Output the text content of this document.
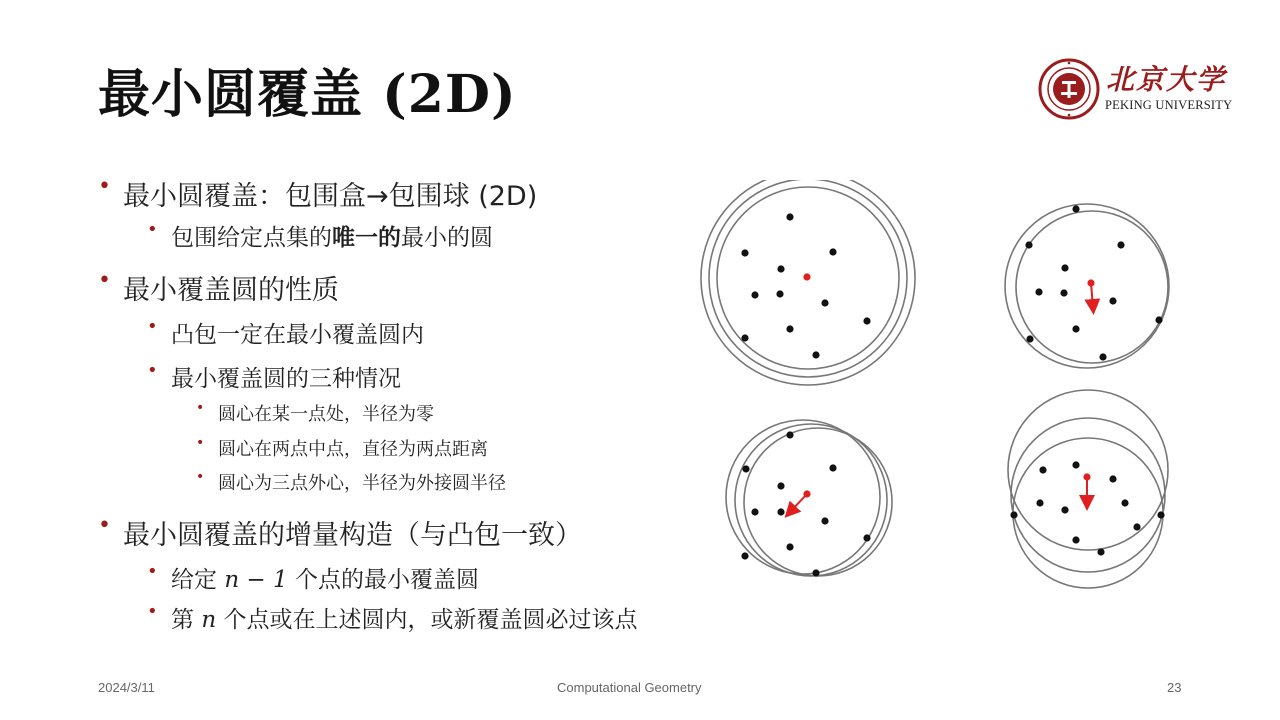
最小圆覆盖 (2D)	北京大学
PEKING UNIVERSITY
• 最小圆覆盖：包围盒→包围球 (2D)
• 包围给定点集的唯一的最小的圆
• 最小覆盖圆的性质
• 凸包一定在最小覆盖圆内
• 最小覆盖圆的三种情况
• 圆心在某一点处，半径为零
• 圆心在两点中点，直径为两点距离
• 圆心为三点外心，半径为外接圆半径
• 最小圆覆盖的增量构造（与凸包一致）
• 给定 n − 1 个点的最小覆盖圆
• 第 n 个点或在上述圆内，或新覆盖圆必过该点
2024/3/11	Computational Geometry	23
